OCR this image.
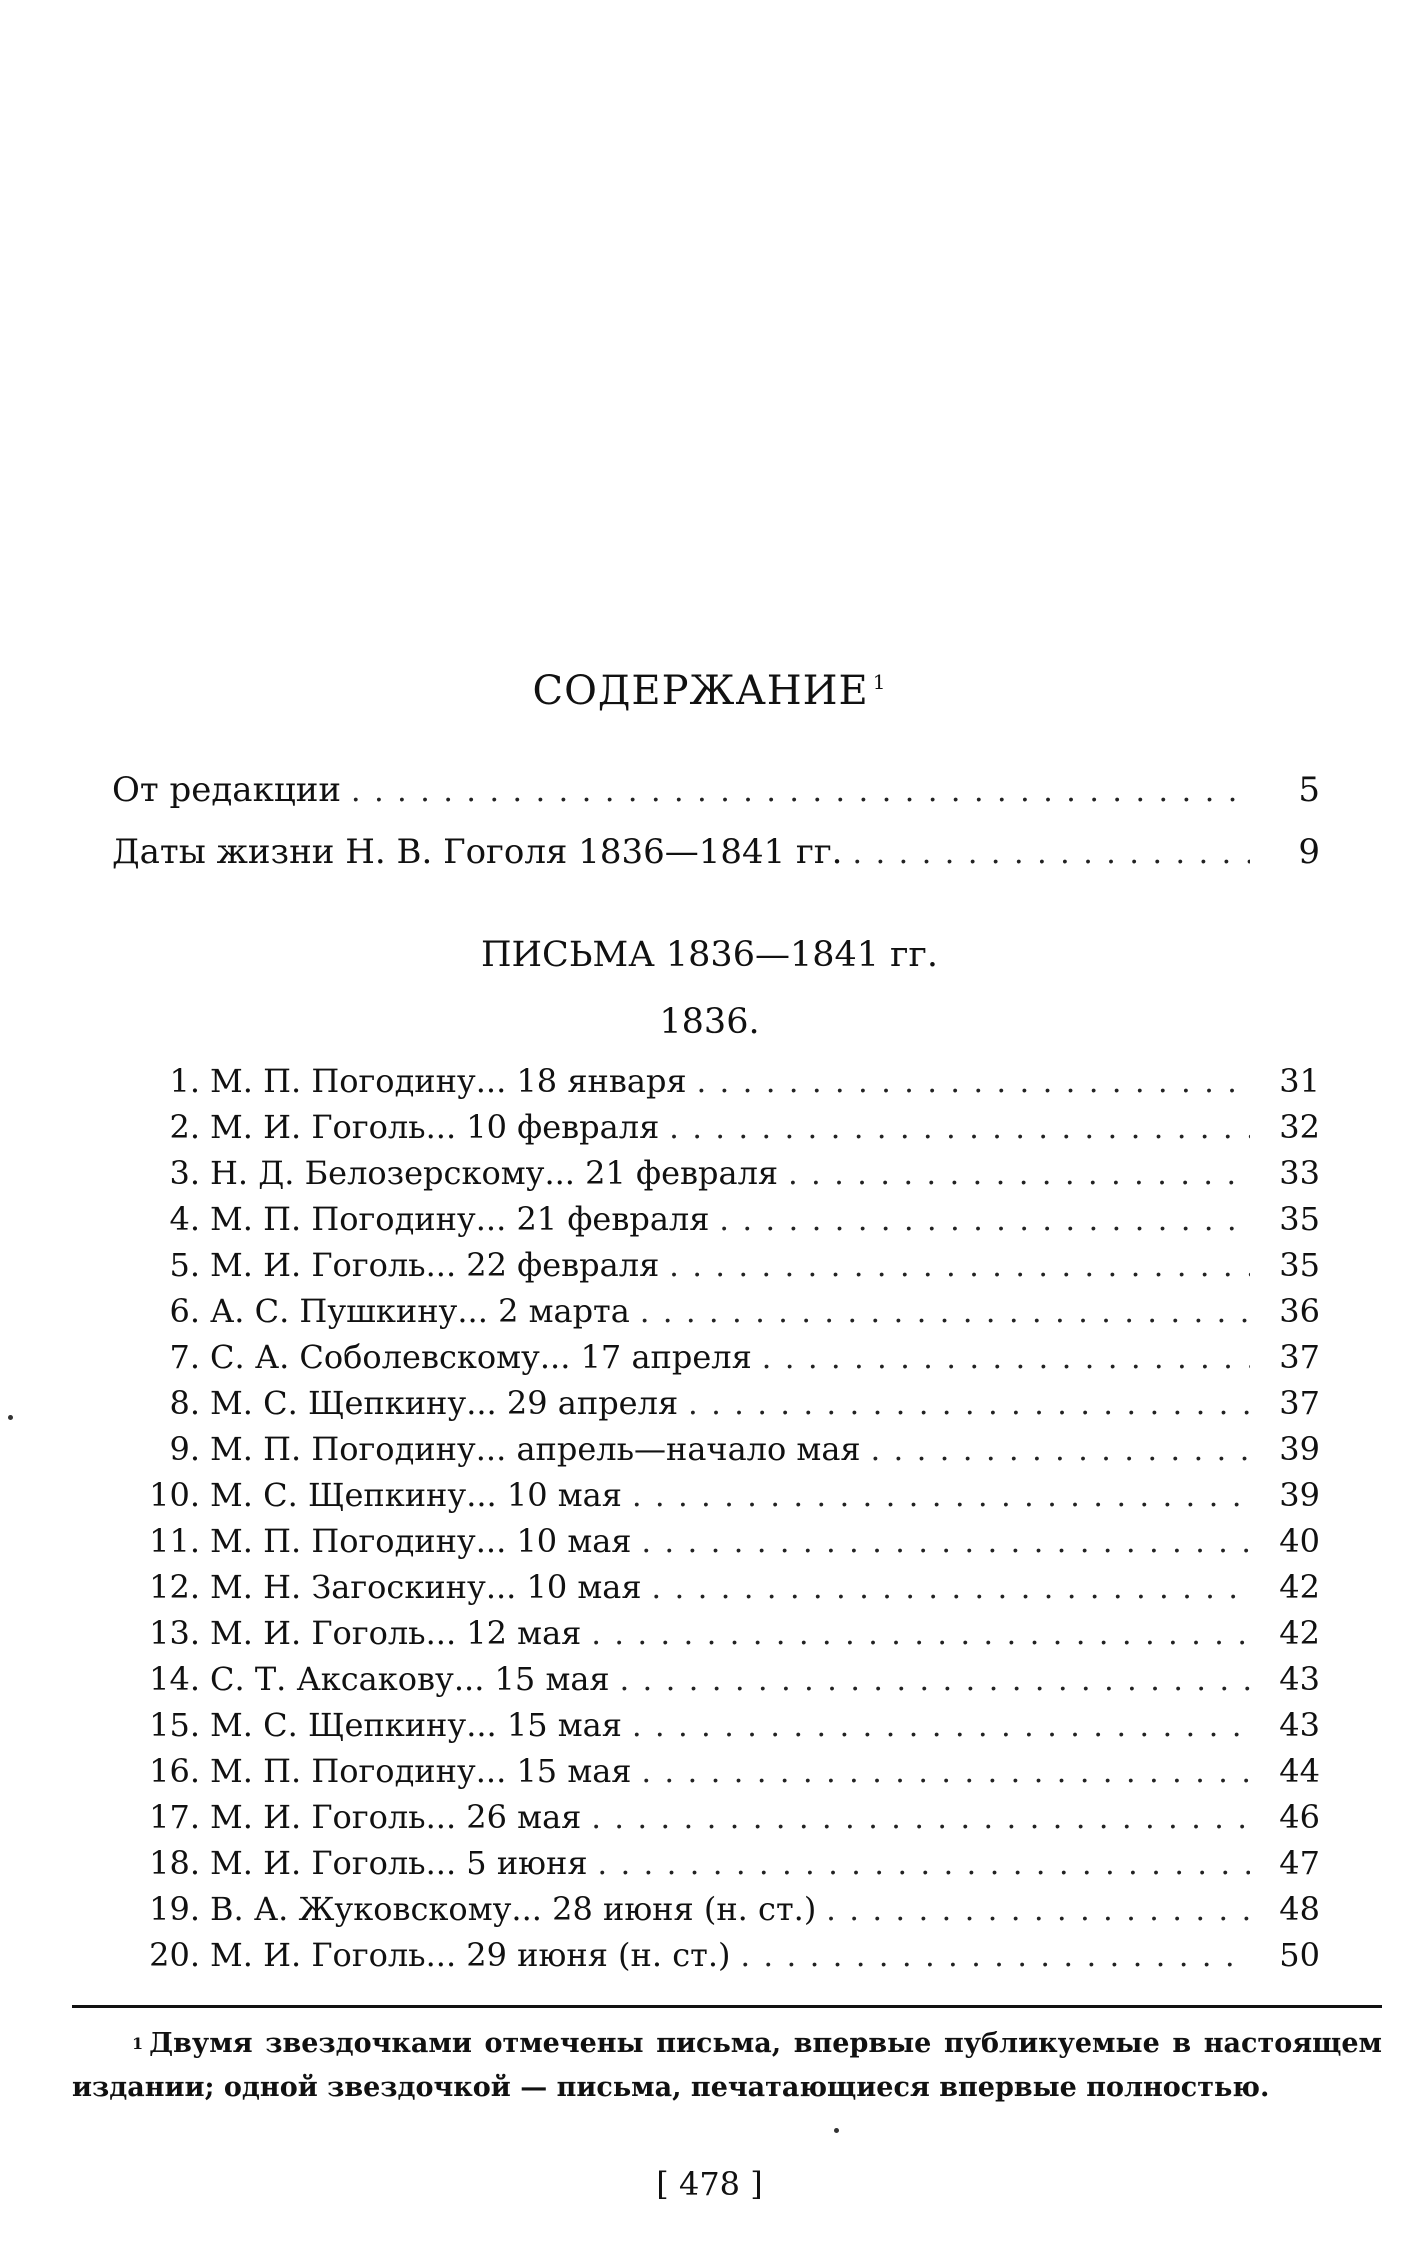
СОДЕРЖАНИЕ $^1$
От редакции . . .	5
Даты жизни Н. В. Гоголя 1836—1841 гг. . . .	9
ПИСЬМА 1836—1841 гг.
1836.
1. М. П. Погодину... 18 января . . .	31
2. М. И. Гоголь... 10 февраля . . .	32
3. Н. Д. Белозерскому... 21 февраля . . .	33
4. М. П. Погодину... 21 февраля . . .	35
5. М. И. Гоголь... 22 февраля . . .	35
6. А. С. Пушкину... 2 марта . . .	36
7. С. А. Соболевскому... 17 апреля . . .	37
8. М. С. Щепкину... 29 апреля . . .	37
9. М. П. Погодину... апрель—начало мая . . .	39
10. М. С. Щепкину... 10 мая . . .	39
11. М. П. Погодину... 10 мая . . .	40
12. М. Н. Загоскину... 10 мая . . .	42
13. М. И. Гоголь... 12 мая . . .	42
14. С. Т. Аксакову... 15 мая . . .	43
15. М. С. Щепкину... 15 мая . . .	43
16. М. П. Погодину... 15 мая . . .	44
17. М. И. Гоголь... 26 мая . . .	46
18. М. И. Гоголь... 5 июня . . .	47
19. В. А. Жуковскому... 28 июня (н. ст.) . . .	48
20. М. И. Гоголь... 29 июня (н. ст.) . . .	50
$^1$ Двумя звездочками отмечены письма, впервые публикуемые в настоящем издании; одной звездочкой — письма, печатающиеся впервые полностью.
[ 478 ]
